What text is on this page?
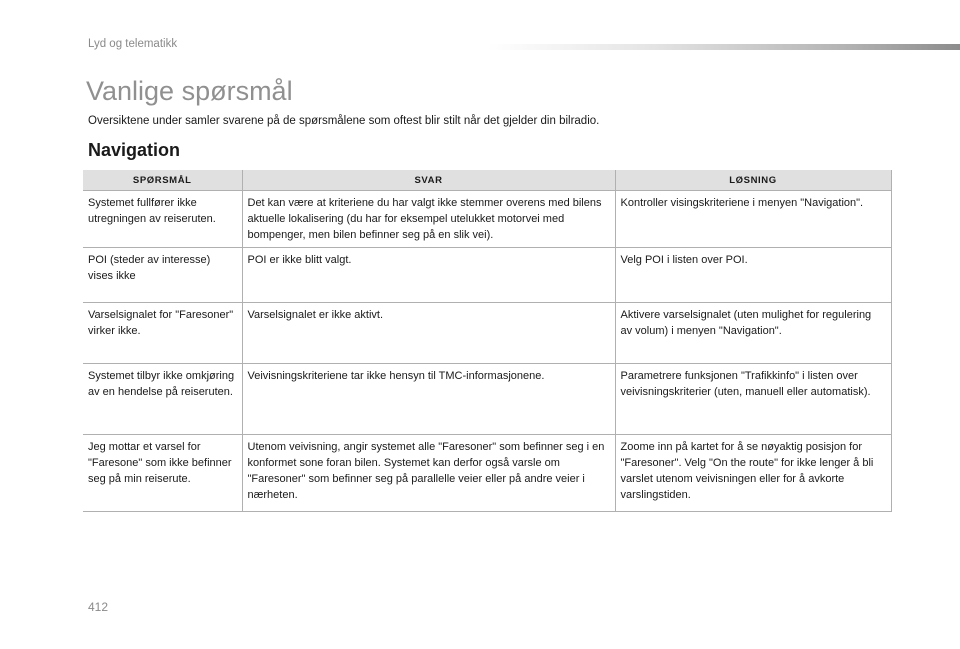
Lyd og telematikk
Vanlige spørsmål
Oversiktene under samler svarene på de spørsmålene som oftest blir stilt når det gjelder din bilradio.
Navigation
SPØRSMÅL	SVAR	LØSNING
Systemet fullfører ikke utregningen av reiseruten.	Det kan være at kriteriene du har valgt ikke stemmer overens med bilens aktuelle lokalisering (du har for eksempel utelukket motorvei med bompenger, men bilen befinner seg på en slik vei).	Kontroller visingskriteriene i menyen "Navigation".
POI (steder av interesse) vises ikke	POI er ikke blitt valgt.	Velg POI i listen over POI.
Varselsignalet for "Faresoner" virker ikke.	Varselsignalet er ikke aktivt.	Aktivere varselsignalet (uten mulighet for regulering av volum) i menyen "Navigation".
Systemet tilbyr ikke omkjøring av en hendelse på reiseruten.	Veivisningskriteriene tar ikke hensyn til TMC-informasjonene.	Parametrere funksjonen "Trafikkinfo" i listen over veivisningskriterier (uten, manuell eller automatisk).
Jeg mottar et varsel for "Faresone" som ikke befinner seg på min reiserute.	Utenom veivisning, angir systemet alle "Faresoner" som befinner seg i en konformet sone foran bilen. Systemet kan derfor også varsle om "Faresoner" som befinner seg på parallelle veier eller på andre veier i nærheten.	Zoome inn på kartet for å se nøyaktig posisjon for "Faresoner". Velg "On the route" for ikke lenger å bli varslet utenom veivisningen eller for å avkorte varslingstiden.
412
